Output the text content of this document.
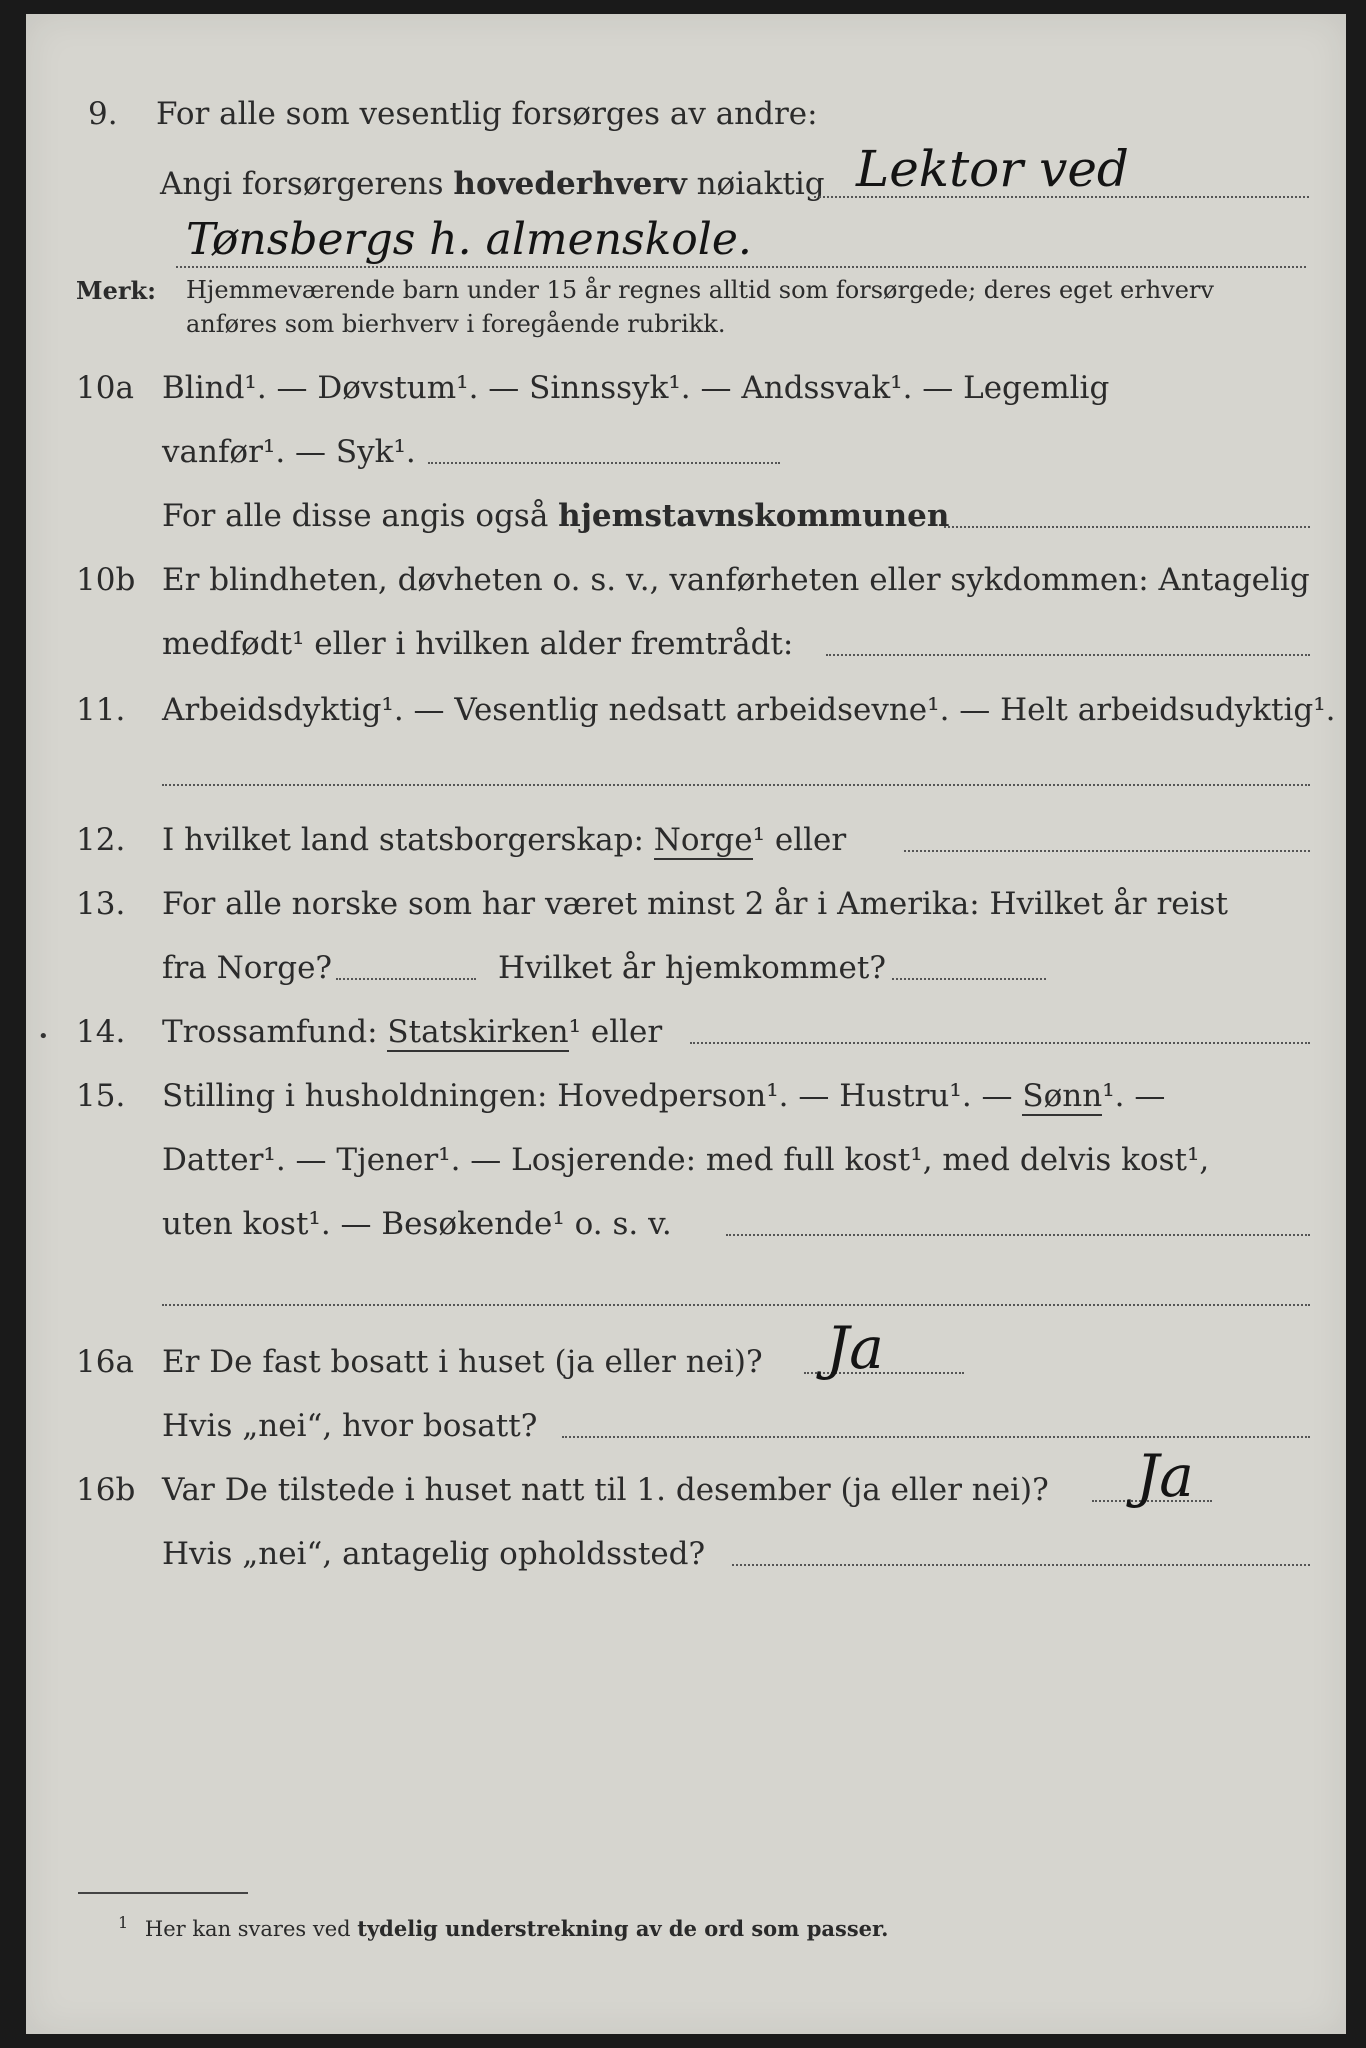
9. For alle som vesentlig forsørges av andre:
Angi forsørgerens hovederhverv nøiaktig Lektor ved
Tønsbergs h. almenskole.
Merk: Hjemmeværende barn under 15 år regnes alltid som forsørgede; deres eget erhverv
anføres som bierhverv i foregående rubrikk.
10a Blind¹. — Døvstum¹. — Sinnssyk¹. — Andssvak¹. — Legemlig
vanfør¹. — Syk¹.
For alle disse angis også hjemstavnskommunen
10b Er blindheten, døvheten o. s. v., vanførheten eller sykdommen: Antagelig
medfødt¹ eller i hvilken alder fremtrådt:
11. Arbeidsdyktig¹. — Vesentlig nedsatt arbeidsevne¹. — Helt arbeidsudyktig¹.
12. I hvilket land statsborgerskap: Norge¹ eller
13. For alle norske som har været minst 2 år i Amerika: Hvilket år reist
fra Norge?	Hvilket år hjemkommet?
14. Trossamfund: Statskirken¹ eller
15. Stilling i husholdningen: Hovedperson¹. — Hustru¹. — Sønn¹. —
Datter¹. — Tjener¹. — Losjerende: med full kost¹, med delvis kost¹,
uten kost¹. — Besøkende¹ o. s. v.
16a Er De fast bosatt i huset (ja eller nei)? Ja
Hvis „nei“, hvor bosatt?
16b Var De tilstede i huset natt til 1. desember (ja eller nei)? Ja
Hvis „nei“, antagelig opholdssted?
$^1$ Her kan svares ved tydelig understrekning av de ord som passer.
•
